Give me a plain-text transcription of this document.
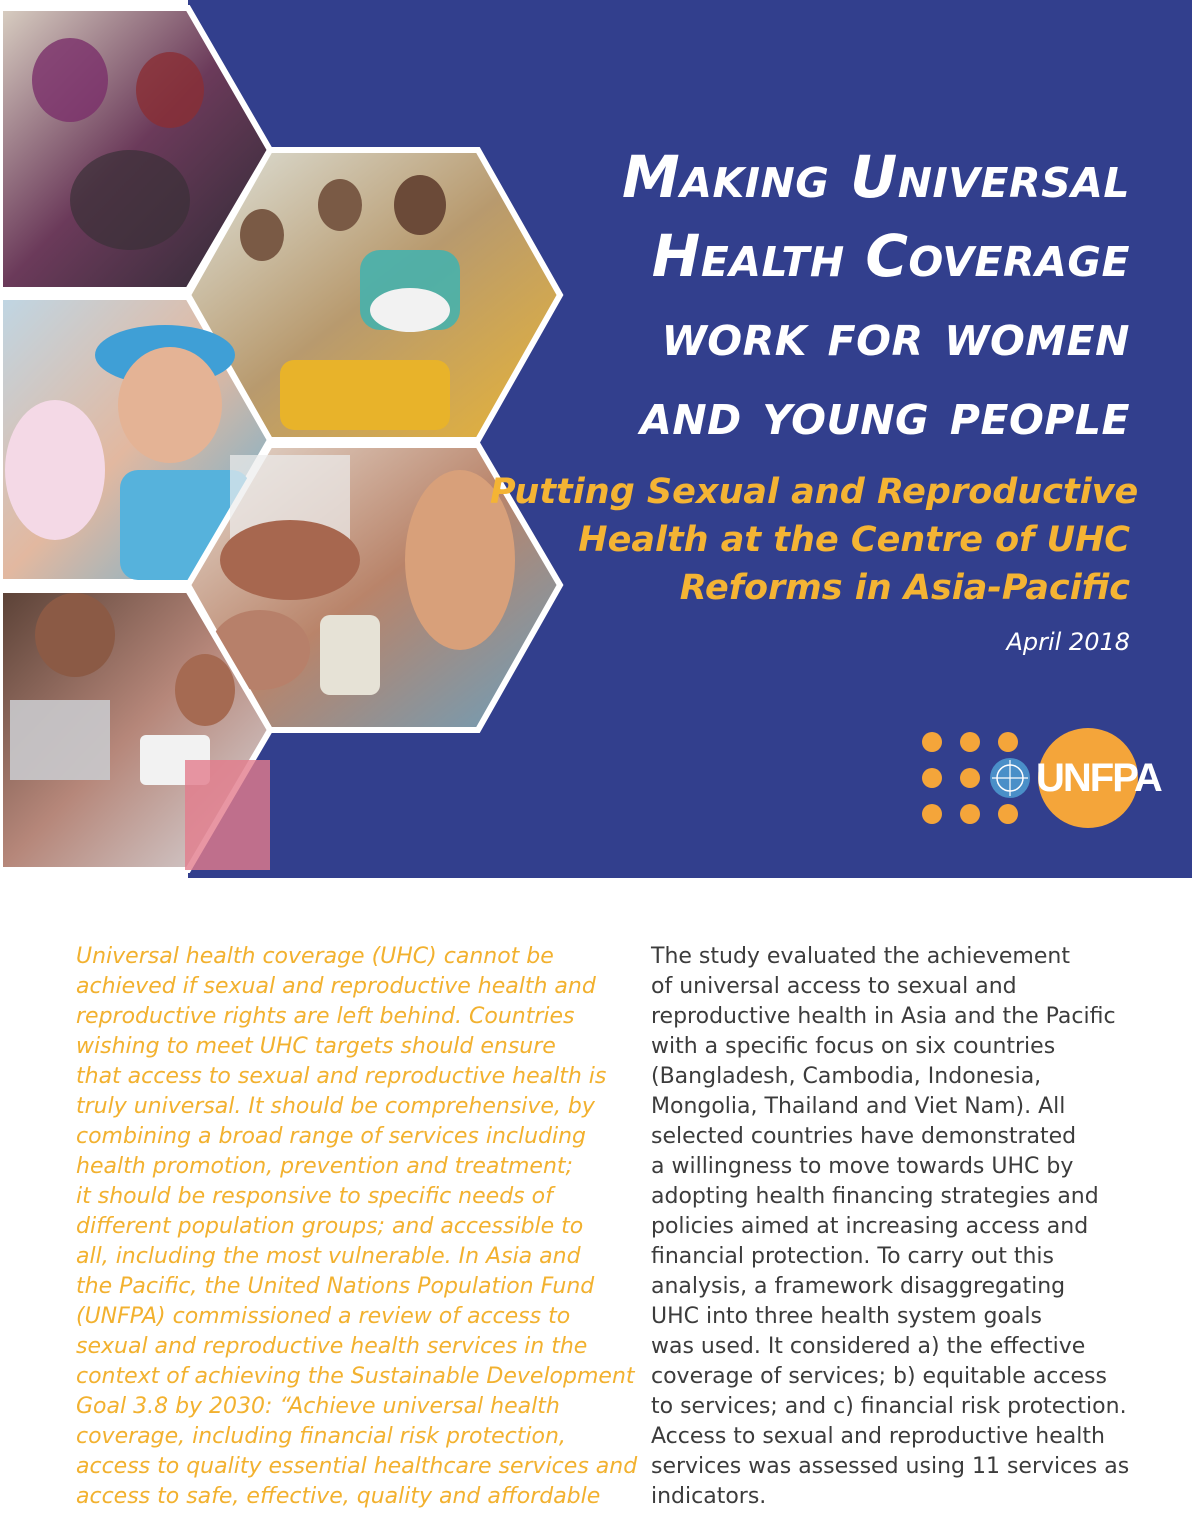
Making Universal
Health Coverage
work for women
and young people
Putting Sexual and Reproductive
Health at the Centre of UHC
Reforms in Asia-Pacific
April 2018
UNFPA
Universal health coverage (UHC) cannot be
achieved if sexual and reproductive health and
reproductive rights are left behind. Countries
wishing to meet UHC targets should ensure
that access to sexual and reproductive health is
truly universal. It should be comprehensive, by
combining a broad range of services including
health promotion, prevention and treatment;
it should be responsive to specific needs of
different population groups; and accessible to
all, including the most vulnerable. In Asia and
the Pacific, the United Nations Population Fund
(UNFPA) commissioned a review of access to
sexual and reproductive health services in the
context of achieving the Sustainable Development
Goal 3.8 by 2030: “Achieve universal health
coverage, including financial risk protection,
access to quality essential healthcare services and
access to safe, effective, quality and affordable
The study evaluated the achievement
of universal access to sexual and
reproductive health in Asia and the Pacific
with a specific focus on six countries
(Bangladesh, Cambodia, Indonesia,
Mongolia, Thailand and Viet Nam). All
selected countries have demonstrated
a willingness to move towards UHC by
adopting health financing strategies and
policies aimed at increasing access and
financial protection. To carry out this
analysis, a framework disaggregating
UHC into three health system goals
was used. It considered a) the effective
coverage of services; b) equitable access
to services; and c) financial risk protection.
Access to sexual and reproductive health
services was assessed using 11 services as
indicators.
